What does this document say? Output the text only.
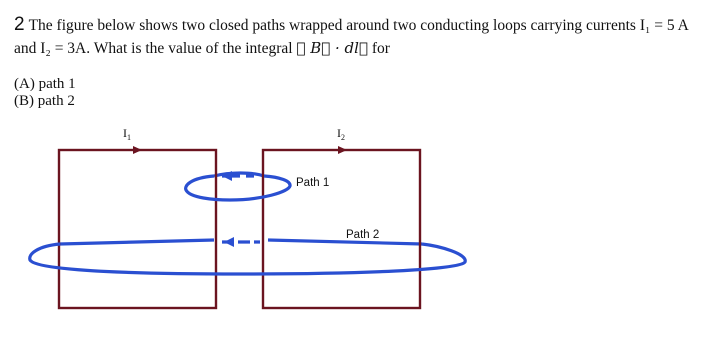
2 The figure below shows two closed paths wrapped around two conducting loops carrying currents I₁ = 5 A
and I₂ = 3A. What is the value of the integral ∮ B⃗ · dl⃗ for
(A) path 1
(B) path 2
$I_1$	$I_2$
Path 1
Path 2
